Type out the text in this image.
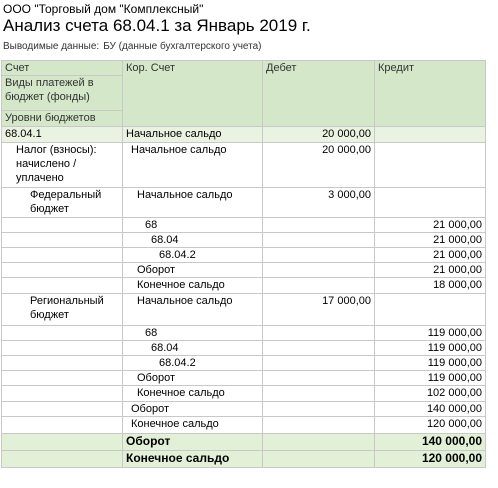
ООО "Торговый дом "Комплексный"
Анализ счета 68.04.1 за Январь 2019 г.
Выводимые данные: БУ (данные бухгалтерского учета)
Счет	Кор. Счет	Дебет	Кредит
Виды платежей в бюджет (фонды)			
Уровни бюджетов			
68.04.1	Начальное сальдо	20 000,00	
Налог (взносы): начислено / уплачено	Начальное сальдо	20 000,00	
Федеральный бюджет	Начальное сальдо	3 000,00	
	68		21 000,00
	68.04		21 000,00
	68.04.2		21 000,00
	Оборот		21 000,00
	Конечное сальдо		18 000,00
Региональный бюджет	Начальное сальдо	17 000,00	
	68		119 000,00
	68.04		119 000,00
	68.04.2		119 000,00
	Оборот		119 000,00
	Конечное сальдо		102 000,00
	Оборот		140 000,00
	Конечное сальдо		120 000,00
	Оборот		140 000,00
	Конечное сальдо		120 000,00
